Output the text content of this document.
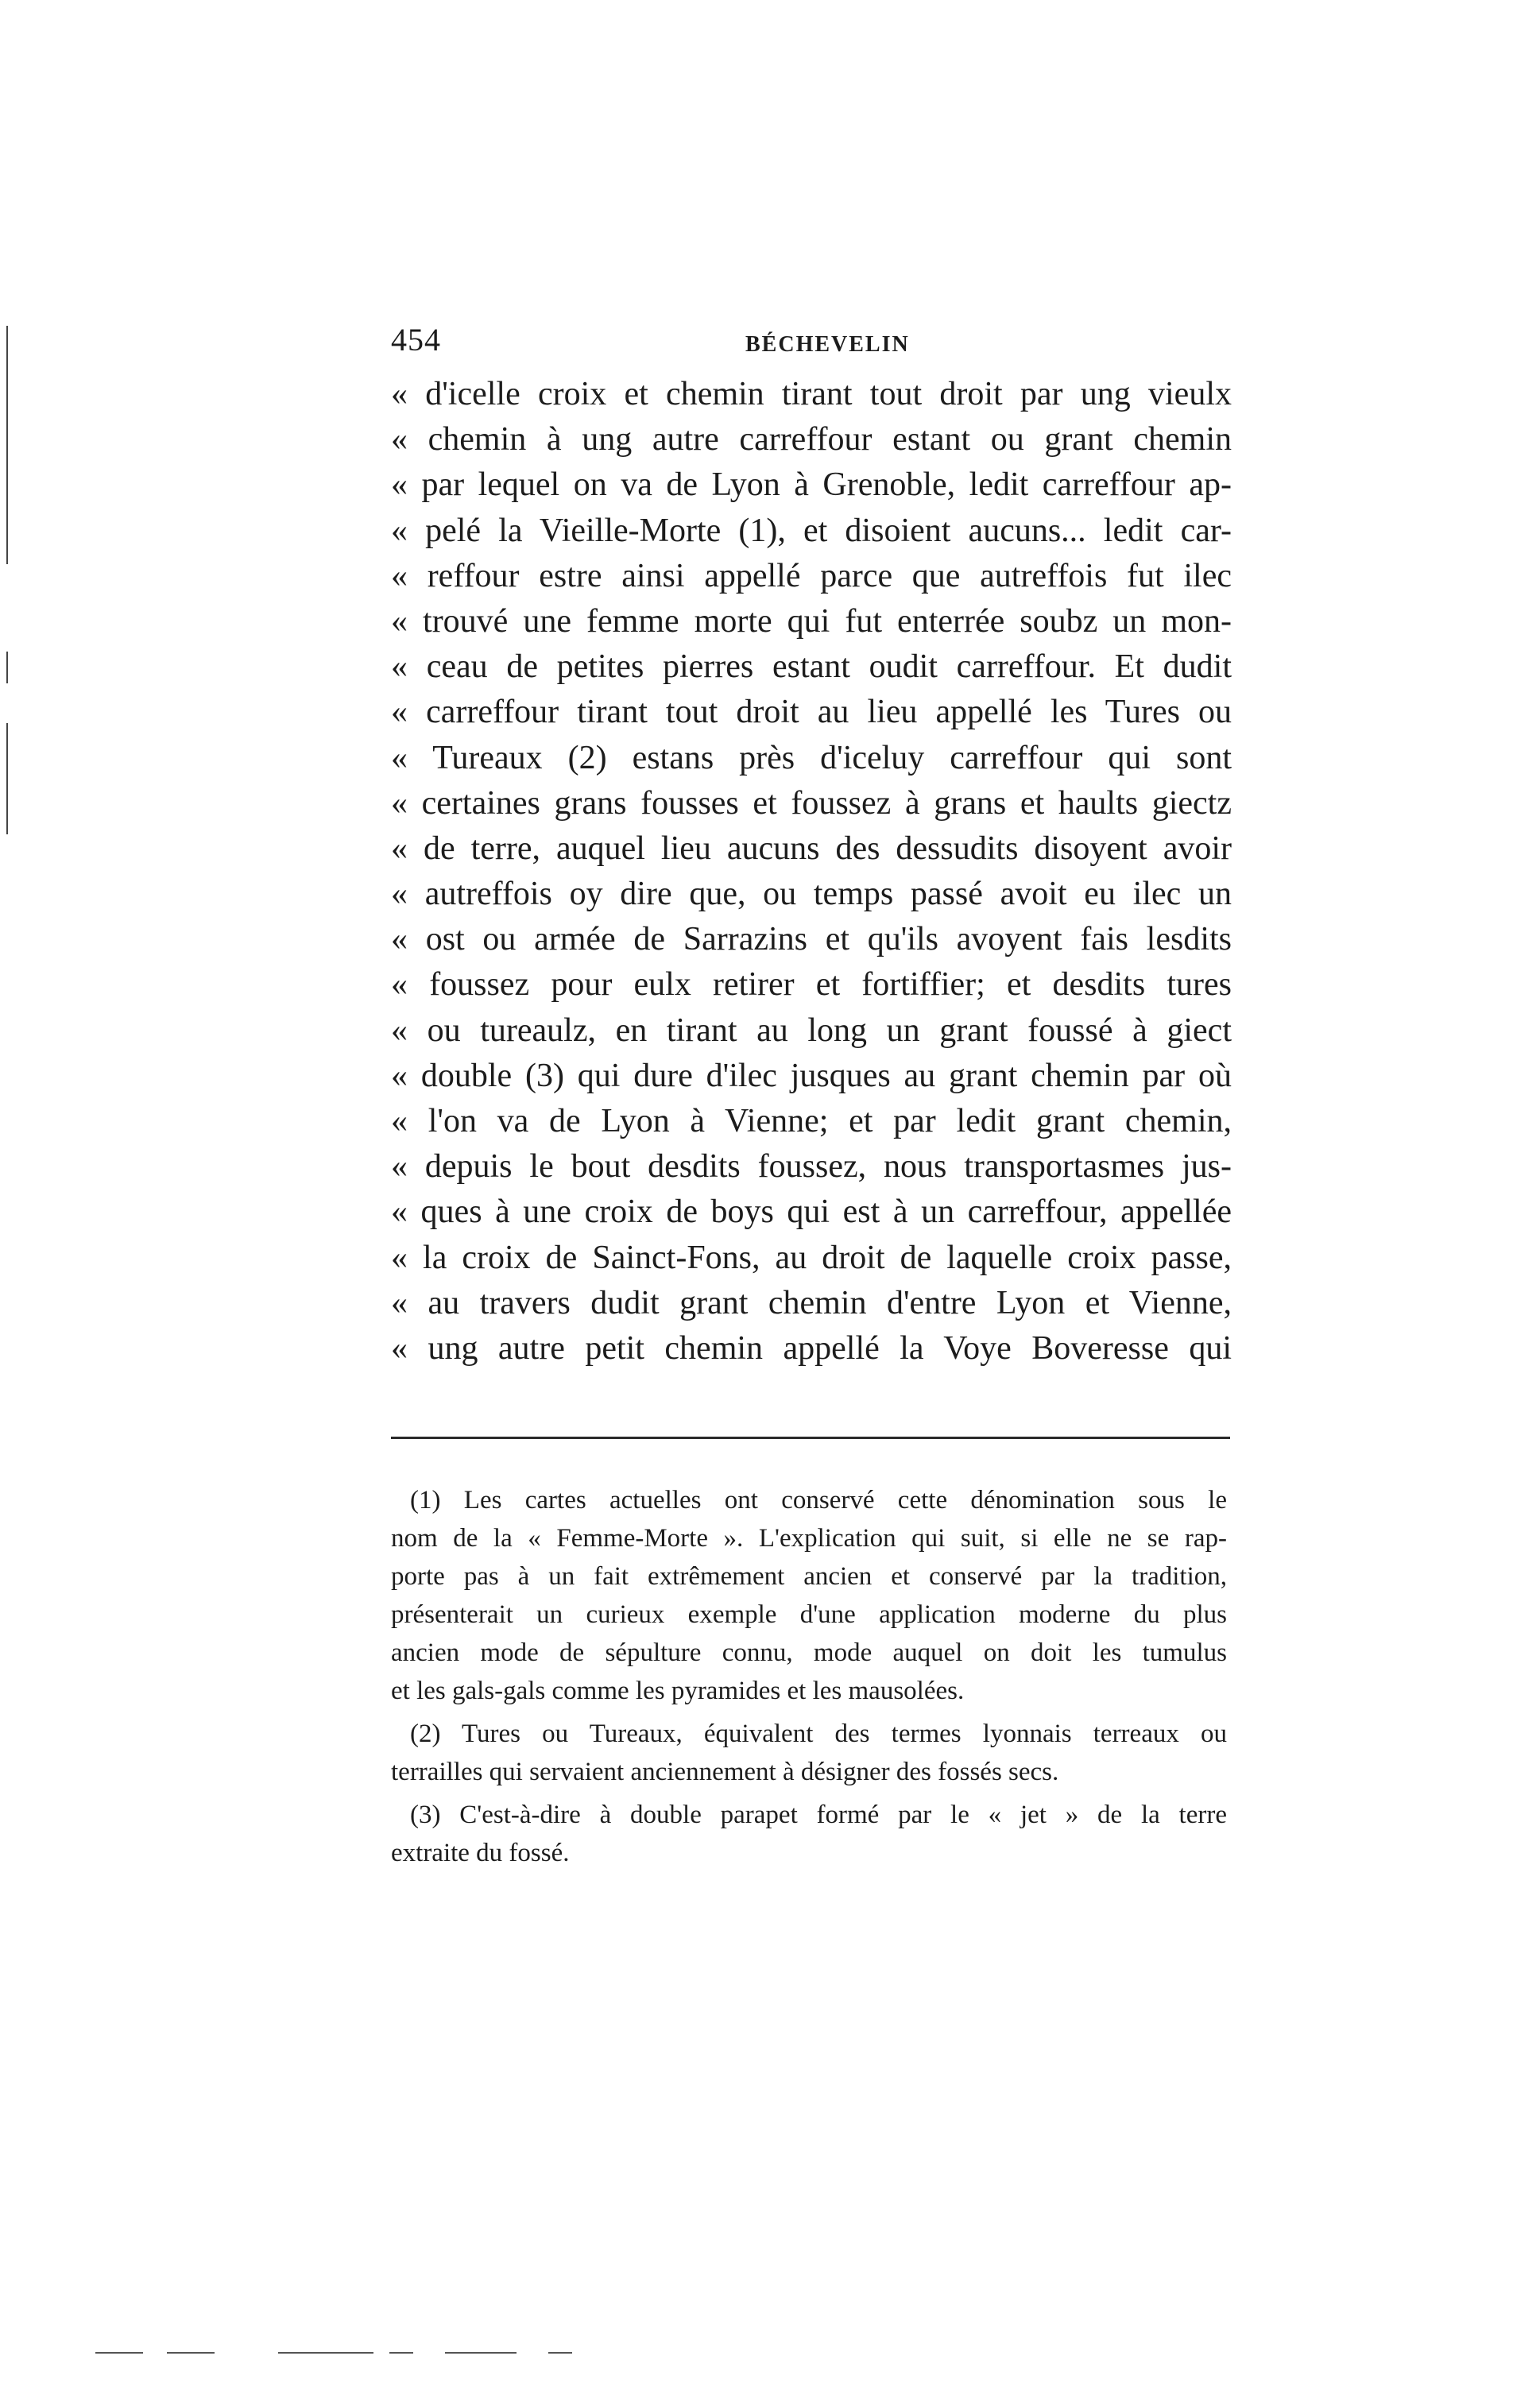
454	BÉCHEVELIN
« d'icelle croix et chemin tirant tout droit par ung vieulx
« chemin à ung autre carreffour estant ou grant chemin
« par lequel on va de Lyon à Grenoble, ledit carreffour ap-
« pelé la Vieille-Morte (1), et disoient aucuns... ledit car-
« reffour estre ainsi appellé parce que autreffois fut ilec
« trouvé une femme morte qui fut enterrée soubz un mon-
« ceau de petites pierres estant oudit carreffour. Et dudit
« carreffour tirant tout droit au lieu appellé les Tures ou
« Tureaux (2) estans près d'iceluy carreffour qui sont
« certaines grans fousses et foussez à grans et haults giectz
« de terre, auquel lieu aucuns des dessudits disoyent avoir
« autreffois oy dire que, ou temps passé avoit eu ilec un
« ost ou armée de Sarrazins et qu'ils avoyent fais lesdits
« foussez pour eulx retirer et fortiffier; et desdits tures
« ou tureaulz, en tirant au long un grant foussé à giect
« double (3) qui dure d'ilec jusques au grant chemin par où
« l'on va de Lyon à Vienne; et par ledit grant chemin,
« depuis le bout desdits foussez, nous transportasmes jus-
« ques à une croix de boys qui est à un carreffour, appellée
« la croix de Sainct-Fons, au droit de laquelle croix passe,
« au travers dudit grant chemin d'entre Lyon et Vienne,
« ung autre petit chemin appellé la Voye Boveresse qui
(1) Les cartes actuelles ont conservé cette dénomination sous le
nom de la « Femme-Morte ». L'explication qui suit, si elle ne se rap-
porte pas à un fait extrêmement ancien et conservé par la tradition,
présenterait un curieux exemple d'une application moderne du plus
ancien mode de sépulture connu, mode auquel on doit les tumulus
et les gals-gals comme les pyramides et les mausolées.
(2) Tures ou Tureaux, équivalent des termes lyonnais terreaux ou
terrailles qui servaient anciennement à désigner des fossés secs.
(3) C'est-à-dire à double parapet formé par le « jet » de la terre
extraite du fossé.
